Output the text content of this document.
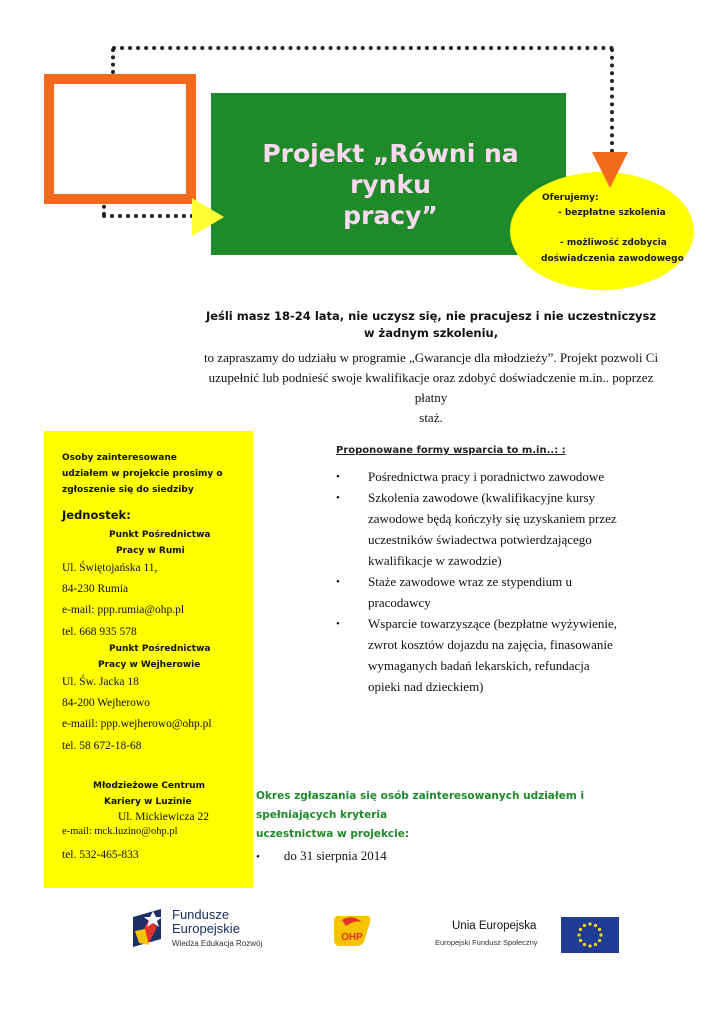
Projekt „Równi na rynku
pracy”
Oferujemy:
- bezpłatne szkolenia
- możliwość zdobycia
doświadczenia zawodowego
Jeśli masz 18-24 lata, nie uczysz się, nie pracujesz i nie uczestniczysz
w żadnym szkoleniu,
to zapraszamy do udziału w programie „Gwarancje dla młodzieży”. Projekt pozwoli Ci
uzupełnić lub podnieść swoje kwalifikacje oraz zdobyć doświadczenie m.in.. poprzez płatny
staż.
Osoby zainteresowane
udziałem w projekcie prosimy o
zgłoszenie się do siedziby
Jednostek:
Punkt Pośrednictwa
Pracy w Rumi
Ul. Świętojańska 11,
84-230 Rumia
e-mail: ppp.rumia@ohp.pl
tel. 668 935 578
Punkt Pośrednictwa
Pracy w Wejherowie
Ul. Św. Jacka 18
84-200 Wejherowo
e-maiil: ppp.wejherowo@ohp.pl
tel. 58 672-18-68
Młodzieżowe Centrum
Kariery w Luzinie
Ul. Mickiewicza 22
e-mail: mck.luzino@ohp.pl
tel. 532-465-833
Proponowane formy wsparcia to m.in..: :
• Pośrednictwa pracy i poradnictwo zawodowe
• Szkolenia zawodowe (kwalifikacyjne kursy
zawodowe będą kończyły się uzyskaniem przez
uczestników świadectwa potwierdzającego
kwalifikacje w zawodzie)
• Staże zawodowe wraz ze stypendium u
pracodawcy
• Wsparcie towarzyszące (bezpłatne wyżywienie,
zwrot kosztów dojazdu na zajęcia, finasowanie
wymaganych badań lekarskich, refundacja
opieki nad dzieckiem)
Okres zgłaszania się osób zainteresowanych udziałem i spełniających kryteria
uczestnictwa w projekcie:
• do 31 sierpnia 2014
Fundusze
Europejskie
Wiedza Edukacja Rozwój
OHP
Unia Europejska
Europejski Fundusz Społeczny
